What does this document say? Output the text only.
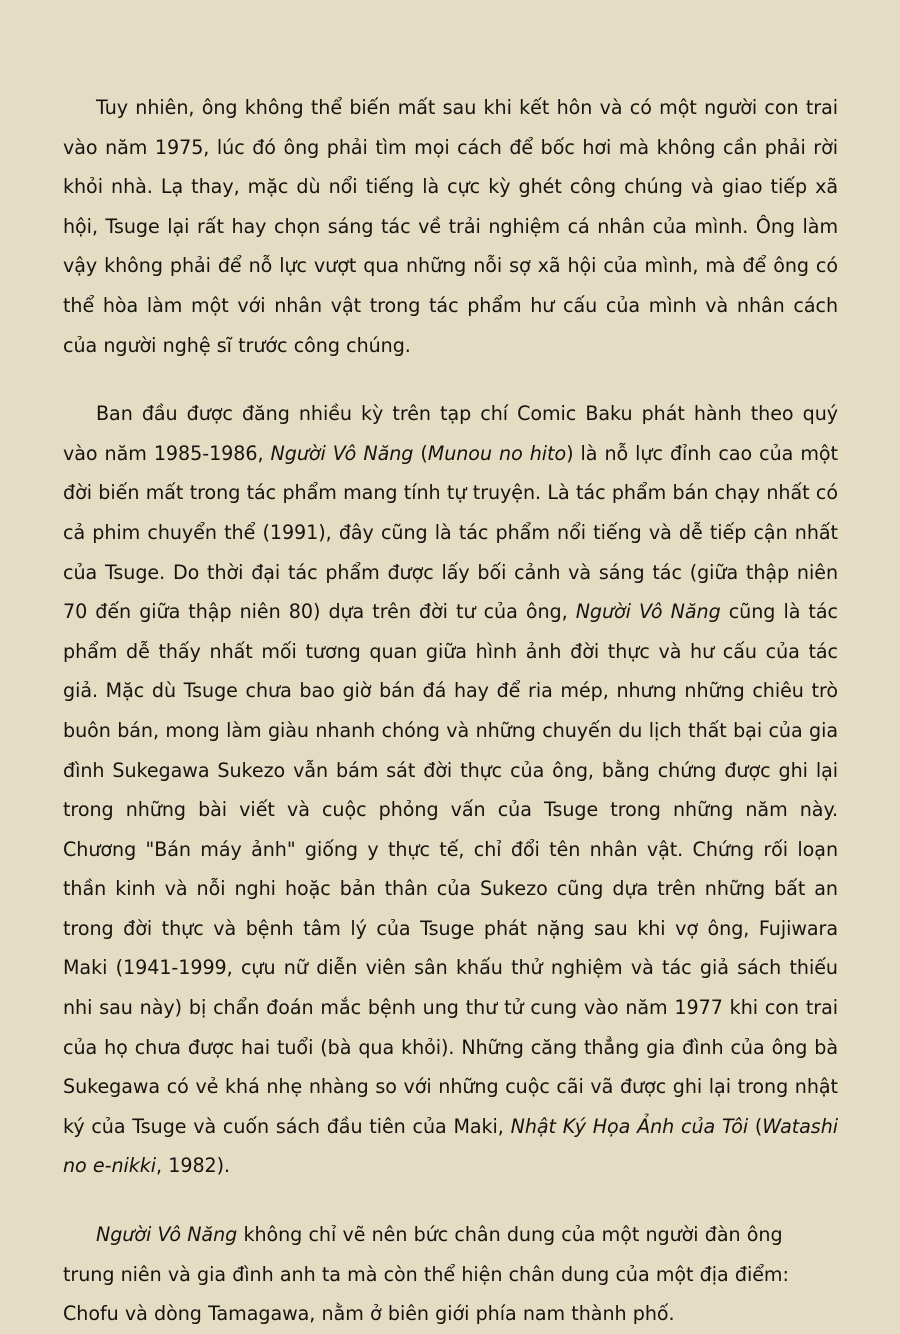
Tuy nhiên, ông không thể biến mất sau khi kết hôn và có một người con trai vào năm 1975, lúc đó ông phải tìm mọi cách để bốc hơi mà không cần phải rời khỏi nhà. Lạ thay, mặc dù nổi tiếng là cực kỳ ghét công chúng và giao tiếp xã hội, Tsuge lại rất hay chọn sáng tác về trải nghiệm cá nhân của mình. Ông làm vậy không phải để nỗ lực vượt qua những nỗi sợ xã hội của mình, mà để ông có thể hòa làm một với nhân vật trong tác phẩm hư cấu của mình và nhân cách của người nghệ sĩ trước công chúng.

Ban đầu được đăng nhiều kỳ trên tạp chí Comic Baku phát hành theo quý vào năm 1985-1986, Người Vô Năng (Munou no hito) là nỗ lực đỉnh cao của một đời biến mất trong tác phẩm mang tính tự truyện. Là tác phẩm bán chạy nhất có cả phim chuyển thể (1991), đây cũng là tác phẩm nổi tiếng và dễ tiếp cận nhất của Tsuge. Do thời đại tác phẩm được lấy bối cảnh và sáng tác (giữa thập niên 70 đến giữa thập niên 80) dựa trên đời tư của ông, Người Vô Năng cũng là tác phẩm dễ thấy nhất mối tương quan giữa hình ảnh đời thực và hư cấu của tác giả. Mặc dù Tsuge chưa bao giờ bán đá hay để ria mép, nhưng những chiêu trò buôn bán, mong làm giàu nhanh chóng và những chuyến du lịch thất bại của gia đình Sukegawa Sukezo vẫn bám sát đời thực của ông, bằng chứng được ghi lại trong những bài viết và cuộc phỏng vấn của Tsuge trong những năm này. Chương "Bán máy ảnh" giống y thực tế, chỉ đổi tên nhân vật. Chứng rối loạn thần kinh và nỗi nghi hoặc bản thân của Sukezo cũng dựa trên những bất an trong đời thực và bệnh tâm lý của Tsuge phát nặng sau khi vợ ông, Fujiwara Maki (1941-1999, cựu nữ diễn viên sân khấu thử nghiệm và tác giả sách thiếu nhi sau này) bị chẩn đoán mắc bệnh ung thư tử cung vào năm 1977 khi con trai của họ chưa được hai tuổi (bà qua khỏi). Những căng thẳng gia đình của ông bà Sukegawa có vẻ khá nhẹ nhàng so với những cuộc cãi vã được ghi lại trong nhật ký của Tsuge và cuốn sách đầu tiên của Maki, Nhật Ký Họa Ảnh của Tôi (Watashi no e-nikki, 1982).

Người Vô Năng không chỉ vẽ nên bức chân dung của một người đàn ông trung niên và gia đình anh ta mà còn thể hiện chân dung của một địa điểm: Chofu và dòng Tamagawa, nằm ở biên giới phía nam thành phố.
